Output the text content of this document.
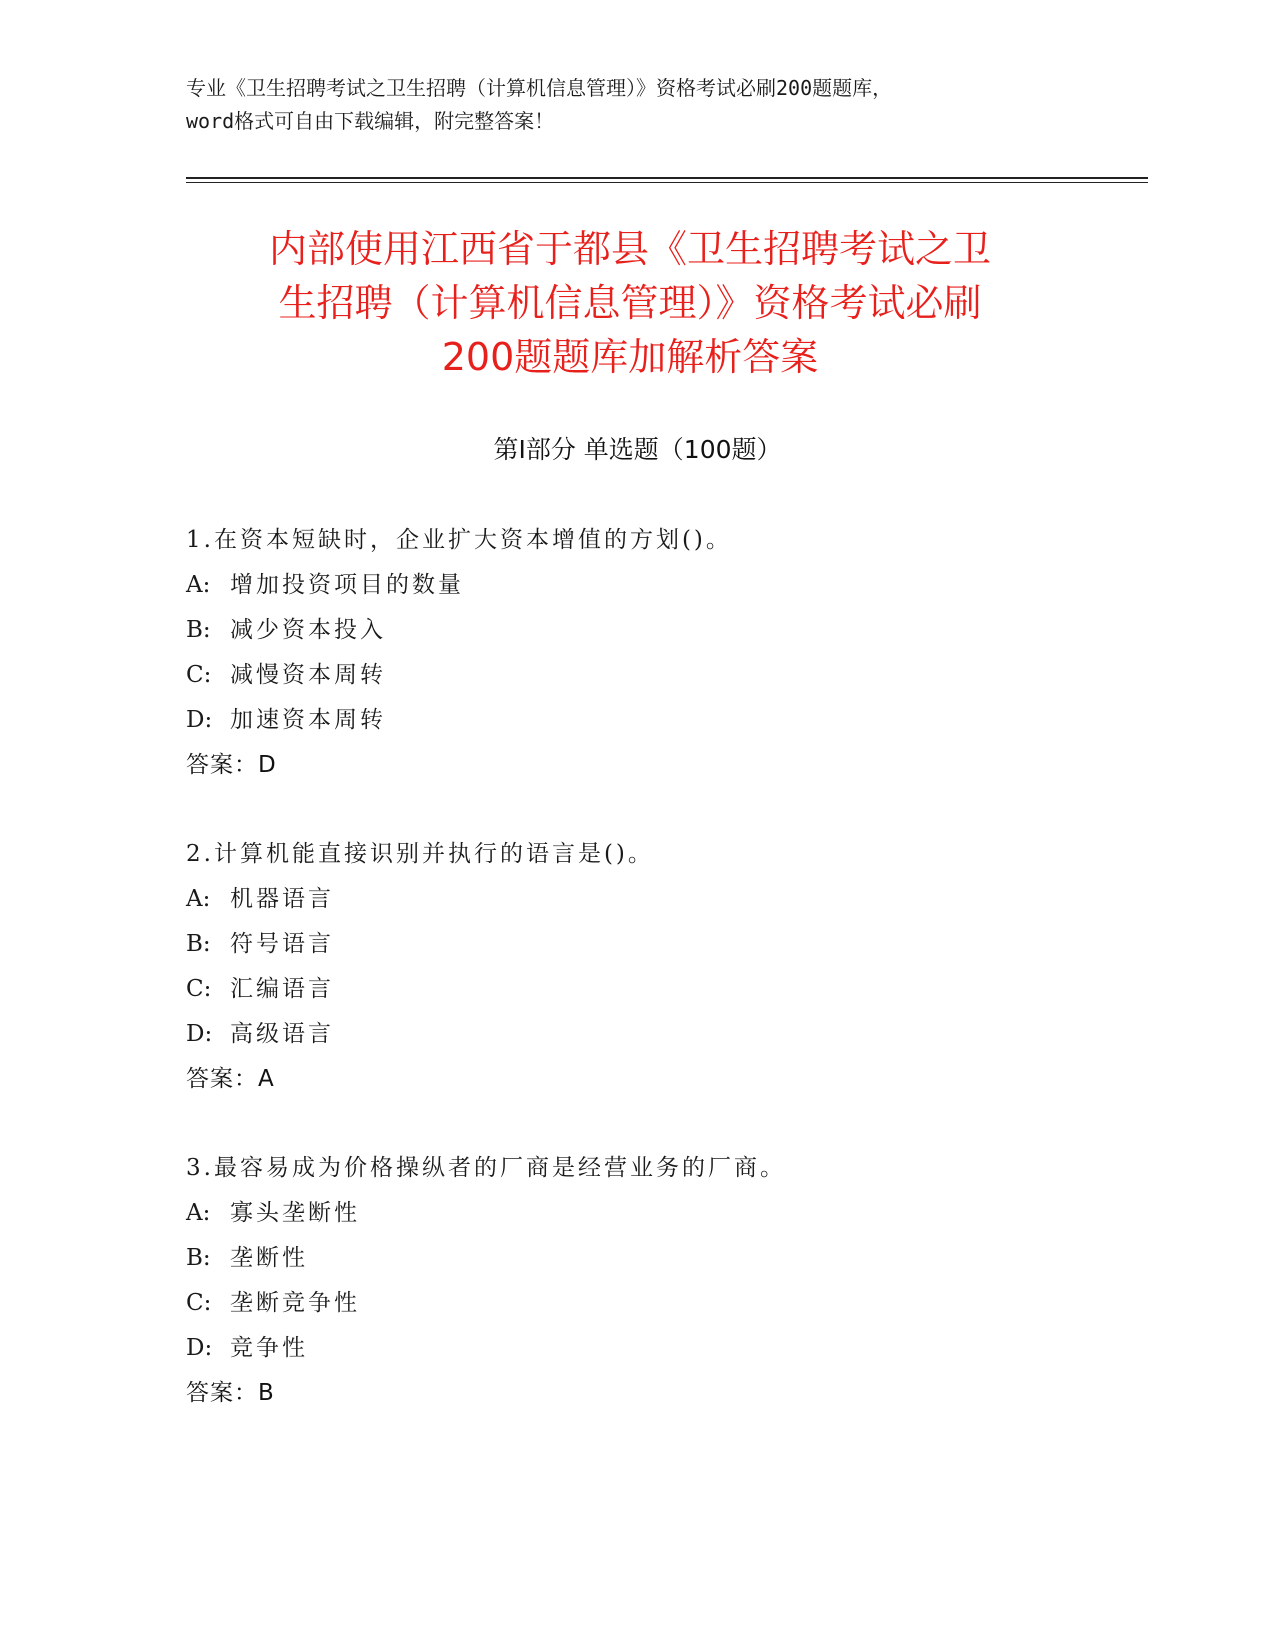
专业《卫生招聘考试之卫生招聘（计算机信息管理）》资格考试必刷200题题库，
word格式可自由下载编辑，附完整答案！
内部使用江西省于都县《卫生招聘考试之卫
生招聘（计算机信息管理）》资格考试必刷
200题题库加解析答案
第Ⅰ部分 单选题（100题）
1.在资本短缺时，企业扩大资本增值的方划()。
A: 增加投资项目的数量
B: 减少资本投入
C: 减慢资本周转
D: 加速资本周转
答案：D
2.计算机能直接识别并执行的语言是()。
A: 机器语言
B: 符号语言
C: 汇编语言
D: 高级语言
答案：A
3.最容易成为价格操纵者的厂商是经营业务的厂商。
A: 寡头垄断性
B: 垄断性
C: 垄断竞争性
D: 竞争性
答案：B
